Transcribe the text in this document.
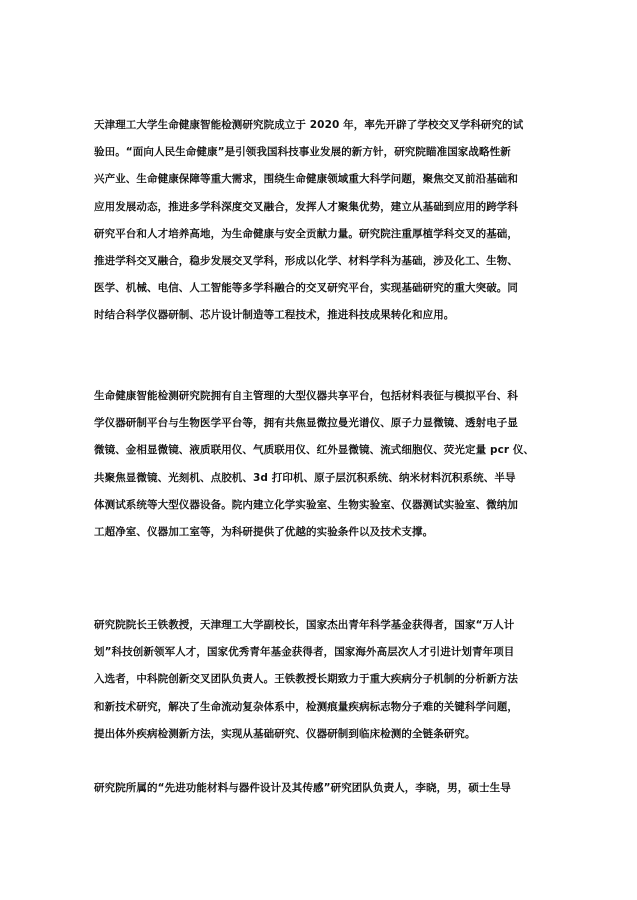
天津理工大学生命健康智能检测研究院成立于 2020 年，率先开辟了学校交叉学科研究的试
验田。“面向人民生命健康”是引领我国科技事业发展的新方针，研究院瞄准国家战略性新
兴产业、生命健康保障等重大需求，围绕生命健康领域重大科学问题，聚焦交叉前沿基础和
应用发展动态，推进多学科深度交叉融合，发挥人才聚集优势，建立从基础到应用的跨学科
研究平台和人才培养高地，为生命健康与安全贡献力量。研究院注重厚植学科交叉的基础，
推进学科交叉融合，稳步发展交叉学科，形成以化学、材料学科为基础，涉及化工、生物、
医学、机械、电信、人工智能等多学科融合的交叉研究平台，实现基础研究的重大突破。同
时结合科学仪器研制、芯片设计制造等工程技术，推进科技成果转化和应用。
生命健康智能检测研究院拥有自主管理的大型仪器共享平台，包括材料表征与模拟平台、科
学仪器研制平台与生物医学平台等，拥有共焦显微拉曼光谱仪、原子力显微镜、透射电子显
微镜、金相显微镜、液质联用仪、气质联用仪、红外显微镜、流式细胞仪、荧光定量 pcr 仪、
共聚焦显微镜、光刻机、点胶机、3d 打印机、原子层沉积系统、纳米材料沉积系统、半导
体测试系统等大型仪器设备。院内建立化学实验室、生物实验室、仪器测试实验室、微纳加
工超净室、仪器加工室等，为科研提供了优越的实验条件以及技术支撑。
研究院院长王铁教授，天津理工大学副校长，国家杰出青年科学基金获得者，国家“万人计
划”科技创新领军人才，国家优秀青年基金获得者，国家海外高层次人才引进计划青年项目
入选者，中科院创新交叉团队负责人。王铁教授长期致力于重大疾病分子机制的分析新方法
和新技术研究，解决了生命流动复杂体系中，检测痕量疾病标志物分子难的关键科学问题，
提出体外疾病检测新方法，实现从基础研究、仪器研制到临床检测的全链条研究。
研究院所属的“先进功能材料与器件设计及其传感”研究团队负责人，李晓，男，硕士生导
